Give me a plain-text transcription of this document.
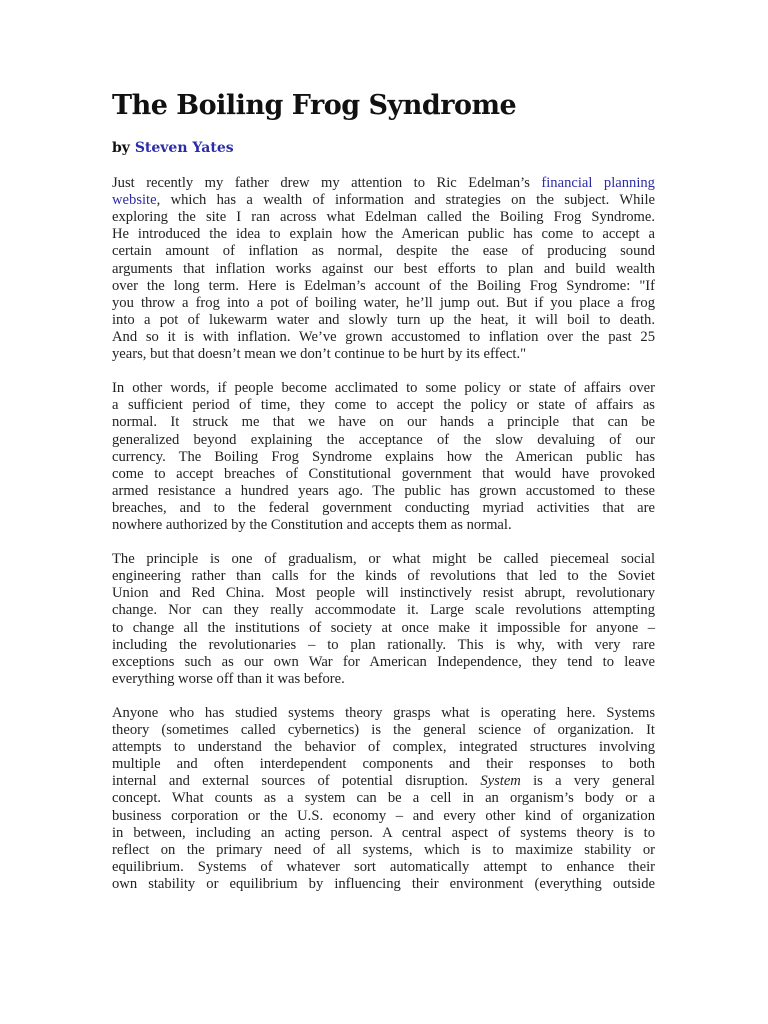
The Boiling Frog Syndrome
by Steven Yates
Just recently my father drew my attention to Ric Edelman’s financial planning
website, which has a wealth of information and strategies on the subject. While
exploring the site I ran across what Edelman called the Boiling Frog Syndrome.
He introduced the idea to explain how the American public has come to accept a
certain amount of inflation as normal, despite the ease of producing sound
arguments that inflation works against our best efforts to plan and build wealth
over the long term. Here is Edelman’s account of the Boiling Frog Syndrome: "If
you throw a frog into a pot of boiling water, he’ll jump out. But if you place a frog
into a pot of lukewarm water and slowly turn up the heat, it will boil to death.
And so it is with inflation. We’ve grown accustomed to inflation over the past 25
years, but that doesn’t mean we don’t continue to be hurt by its effect."
In other words, if people become acclimated to some policy or state of affairs over
a sufficient period of time, they come to accept the policy or state of affairs as
normal. It struck me that we have on our hands a principle that can be
generalized beyond explaining the acceptance of the slow devaluing of our
currency. The Boiling Frog Syndrome explains how the American public has
come to accept breaches of Constitutional government that would have provoked
armed resistance a hundred years ago. The public has grown accustomed to these
breaches, and to the federal government conducting myriad activities that are
nowhere authorized by the Constitution and accepts them as normal.
The principle is one of gradualism, or what might be called piecemeal social
engineering rather than calls for the kinds of revolutions that led to the Soviet
Union and Red China. Most people will instinctively resist abrupt, revolutionary
change. Nor can they really accommodate it. Large scale revolutions attempting
to change all the institutions of society at once make it impossible for anyone –
including the revolutionaries – to plan rationally. This is why, with very rare
exceptions such as our own War for American Independence, they tend to leave
everything worse off than it was before.
Anyone who has studied systems theory grasps what is operating here. Systems
theory (sometimes called cybernetics) is the general science of organization. It
attempts to understand the behavior of complex, integrated structures involving
multiple and often interdependent components and their responses to both
internal and external sources of potential disruption. System is a very general
concept. What counts as a system can be a cell in an organism’s body or a
business corporation or the U.S. economy – and every other kind of organization
in between, including an acting person. A central aspect of systems theory is to
reflect on the primary need of all systems, which is to maximize stability or
equilibrium. Systems of whatever sort automatically attempt to enhance their
own stability or equilibrium by influencing their environment (everything outside
